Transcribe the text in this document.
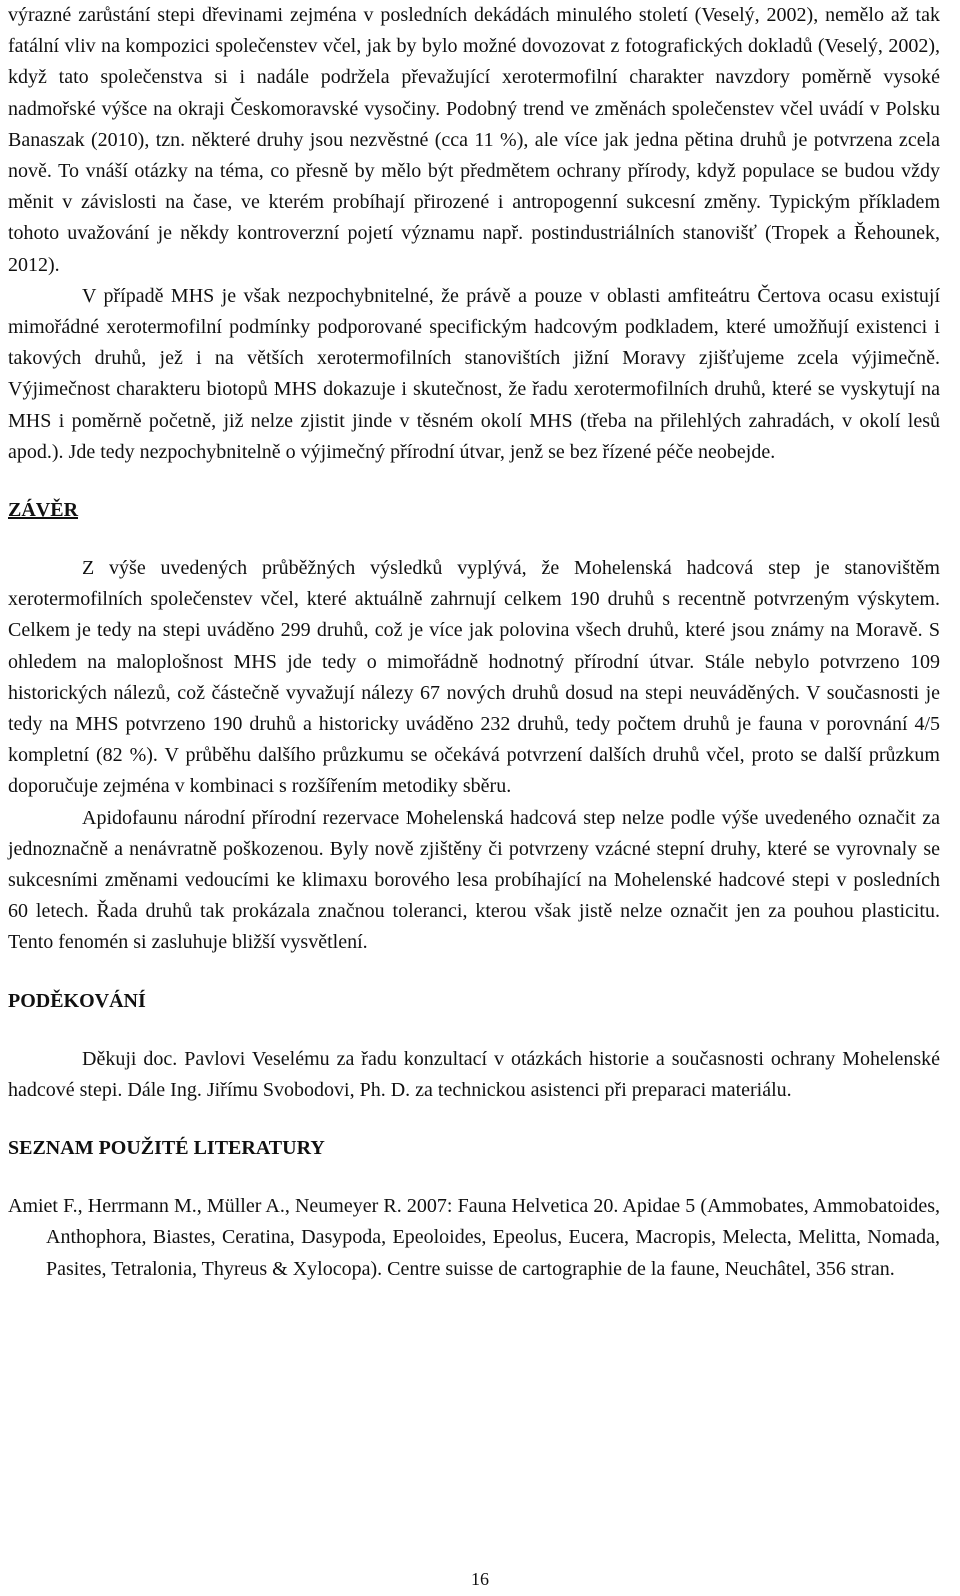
výrazné zarůstání stepi dřevinami zejména v posledních dekádách minulého století (Veselý, 2002), nemělo až tak fatální vliv na kompozici společenstev včel, jak by bylo možné dovozovat z fotografických dokladů (Veselý, 2002), když tato společenstva si i nadále podržela převažující xerotermofilní charakter navzdory poměrně vysoké nadmořské výšce na okraji Českomoravské vysočiny. Podobný trend ve změnách společenstev včel uvádí v Polsku Banaszak (2010), tzn. některé druhy jsou nezvěstné (cca 11 %), ale více jak jedna pětina druhů je potvrzena zcela nově. To vnáší otázky na téma, co přesně by mělo být předmětem ochrany přírody, když populace se budou vždy měnit v závislosti na čase, ve kterém probíhají přirozené i antropogenní sukcesní změny. Typickým příkladem tohoto uvažování je někdy kontroverzní pojetí významu např. postindustriálních stanovišť (Tropek a Řehounek, 2012).

V případě MHS je však nezpochybnitelné, že právě a pouze v oblasti amfiteátru Čertova ocasu existují mimořádné xerotermofilní podmínky podporované specifickým hadcovým podkladem, které umožňují existenci i takových druhů, jež i na větších xerotermofilních stanovištích jižní Moravy zjišťujeme zcela výjimečně. Výjimečnost charakteru biotopů MHS dokazuje i skutečnost, že řadu xerotermofilních druhů, které se vyskytují na MHS i poměrně početně, již nelze zjistit jinde v těsném okolí MHS (třeba na přilehlých zahradách, v okolí lesů apod.). Jde tedy nezpochybnitelně o výjimečný přírodní útvar, jenž se bez řízené péče neobejde.

ZÁVĚR

Z výše uvedených průběžných výsledků vyplývá, že Mohelenská hadcová step je stanovištěm xerotermofilních společenstev včel, které aktuálně zahrnují celkem 190 druhů s recentně potvrzeným výskytem. Celkem je tedy na stepi uváděno 299 druhů, což je více jak polovina všech druhů, které jsou známy na Moravě. S ohledem na maloplošnost MHS jde tedy o mimořádně hodnotný přírodní útvar. Stále nebylo potvrzeno 109 historických nálezů, což částečně vyvažují nálezy 67 nových druhů dosud na stepi neuváděných. V současnosti je tedy na MHS potvrzeno 190 druhů a historicky uváděno 232 druhů, tedy počtem druhů je fauna v porovnání 4/5 kompletní (82 %). V průběhu dalšího průzkumu se očekává potvrzení dalších druhů včel, proto se další průzkum doporučuje zejména v kombinaci s rozšířením metodiky sběru.

Apidofaunu národní přírodní rezervace Mohelenská hadcová step nelze podle výše uvedeného označit za jednoznačně a nenávratně poškozenou. Byly nově zjištěny či potvrzeny vzácné stepní druhy, které se vyrovnaly se sukcesními změnami vedoucími ke klimaxu borového lesa probíhající na Mohelenské hadcové stepi v posledních 60 letech. Řada druhů tak prokázala značnou toleranci, kterou však jistě nelze označit jen za pouhou plasticitu. Tento fenomén si zasluhuje bližší vysvětlení.

PODĚKOVÁNÍ

Děkuji doc. Pavlovi Veselému za řadu konzultací v otázkách historie a současnosti ochrany Mohelenské hadcové stepi. Dále Ing. Jiřímu Svobodovi, Ph. D. za technickou asistenci při preparaci materiálu.

SEZNAM POUŽITÉ LITERATURY

Amiet F., Herrmann M., Müller A., Neumeyer R. 2007: Fauna Helvetica 20. Apidae 5 (Ammobates, Ammobatoides, Anthophora, Biastes, Ceratina, Dasypoda, Epeoloides, Epeolus, Eucera, Macropis, Melecta, Melitta, Nomada, Pasites, Tetralonia, Thyreus & Xylocopa). Centre suisse de cartographie de la faune, Neuchâtel, 356 stran.

16
